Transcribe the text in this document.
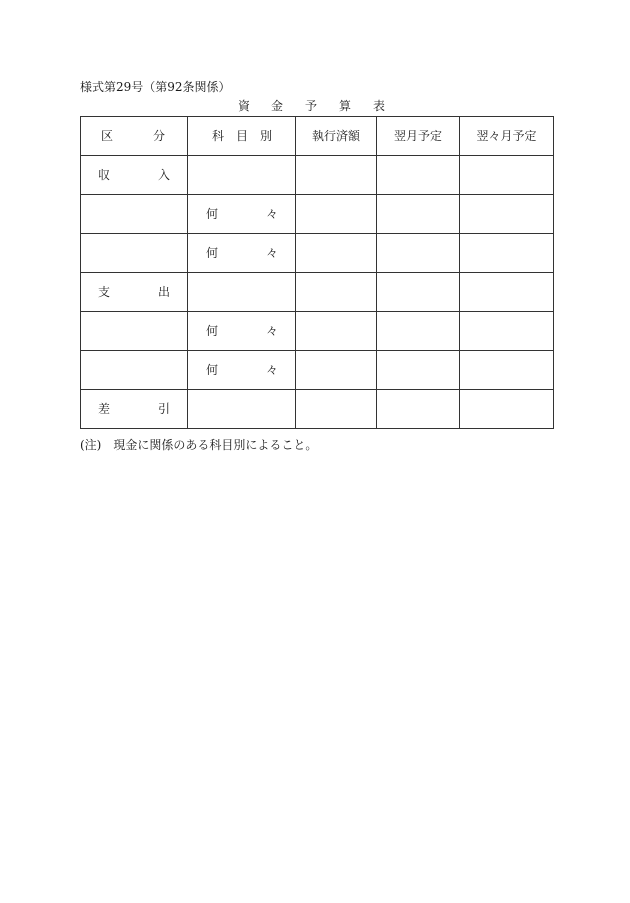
様式第29号（第92条関係）
資 金 予 算 表
区 分	科 目 別	執行済額	翌月予定	翌々月予定

収 入				

	何 々			

	何 々			

支 出				

	何 々			

	何 々			

差 引				

(注) 現金に関係のある科目別によること。
